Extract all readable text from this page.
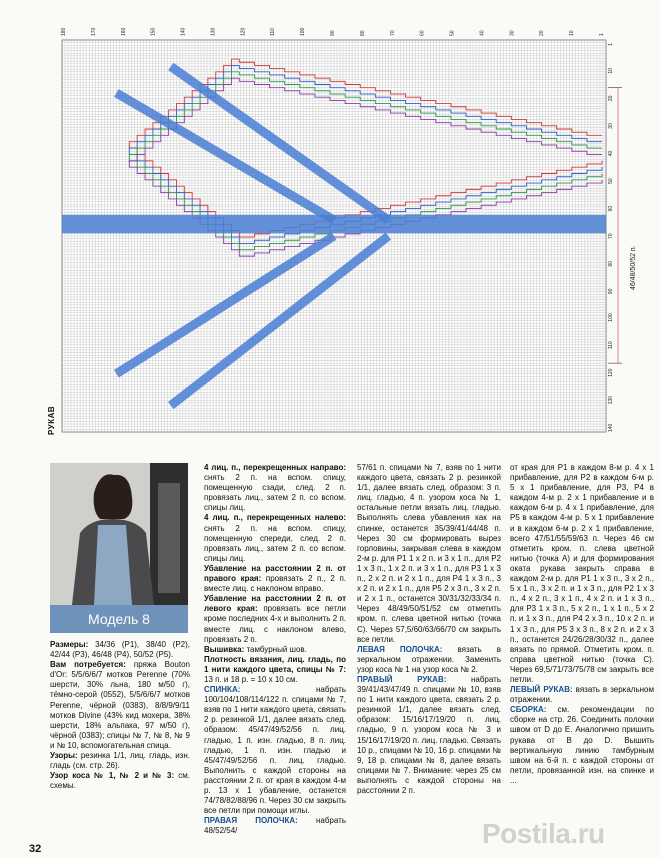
180	170	160	150	140	130	120	110	100	90	80	70	60	50	40	30	20	10	1
1
10
20
30
40
50
60
70
80
90
100
110
120
130
140
РУКАВ
46/48/50/52 п.
Модель 8

Размеры: 34/36 (P1), 38/40 (P2), 42/44 (P3), 46/48 (P4), 50/52 (P5).

Вам потребуется: пряжа Bouton d'Or: 5/5/6/6/7 мотков Perenne (70% шерсти, 30% льна, 180 м/50 г), тёмно-серой (0552), 5/5/6/6/7 мотков Perenne, чёрной (0383), 8/8/9/9/11 мотков Divine (43% кид мохера, 38% шерсти, 18% альпака, 97 м/50 г), чёрной (0383); спицы № 7, № 8, № 9 и № 10, вспомогательная спица.

Узоры: резинка 1/1, лиц. гладь, изн. гладь (см. стр. 26).

Узор коса № 1, № 2 и № 3: см. схемы.

4 лиц. п., перекрещенных направо: снять 2 п. на вспом. спицу, помещенную сзади, след. 2 п. провязать лиц., затем 2 п. со вспом. спицы лиц.

4 лиц. п., перекрещенных налево: снять 2 п. на вспом. спицу, помещенную спереди, след. 2 п. провязать лиц., затем 2 п. со вспом. спицы лиц.

Убавление на расстоянии 2 п. от правого края: провязать 2 п., 2 п. вместе лиц. с наклоном вправо.

Убавление на расстоянии 2 п. от левого края: провязать все петли кроме последних 4-х и выполнить 2 п. вместе лиц. с наклоном влево, провязать 2 п.

Вышивка: тамбурный шов.

Плотность вязания, лиц. гладь, по 1 нити каждого цвета, спицы № 7: 13 п. и 18 р. = 10 х 10 см.

СПИНКА:	набрать 100/104/108/114/122 п. спицами № 7, взяв по 1 нити каждого цвета, связать 2 р. резинкой 1/1, далее вязать след. образом: 45/47/49/52/56 п. лиц. гладью, 1 п. изн. гладью, 8 п. лиц. гладью, 1 п. изн. гладью и 45/47/49/52/56 п. лиц. гладью. Выполнить с каждой стороны на расстоянии 2 п. от края в каждом 4-м р. 13 х 1 убавление, останется 74/78/82/88/96 п. Через 30 см закрыть все петли при помощи иглы.

ПРАВАЯ ПОЛОЧКА: набрать 48/52/54/

57/61 п. спицами № 7, взяв по 1 нити каждого цвета, связать 2 р. резинкой 1/1, далее вязать след. образом: 3 п. лиц. гладью, 4 п. узором коса № 1, остальные петли вязать лиц. гладью. Выполнять слева убавления как на спинке, останется 35/39/41/44/48 п. Через 30 см формировать вырез горловины, закрывая слева в каждом 2-м р. для Р1 1 х 2 п. и 3 х 1 п., для Р2 1 х 3 п., 1 х 2 п. и 3 х 1 п., для Р3 1 х 3 п., 2 х 2 п. и 2 х 1 п., для Р4 1 х 3 п., 3 х 2 п. и 2 х 1 п., для Р5 2 х 3 п., 3 х 2 п. и 2 х 1 п., останется 30/31/32/33/34 п. Через 48/49/50/51/52 см отметить кром. п. слева цветной нитью (точка С). Через 57,5/60/63/66/70 см закрыть все петли.

ЛЕВАЯ ПОЛОЧКА: вязать в зеркальном отражении. Заменить узор коса № 1 на узор коса № 2.

ПРАВЫЙ РУКАВ:	набрать 39/41/43/47/49 п. спицами № 10, взяв по 1 нити каждого цвета, связать 2 р. резинкой 1/1, далее вязать след. образом: 15/16/17/19/20 п. лиц. гладью, 9 п. узором коса № 3 и 15/16/17/19/20 п. лиц. гладью. Связать 10 р., спицами № 10, 16 р. спицами № 9, 18 р. спицами № 8, далее вязать спицами № 7. Внимание: через 25 см выполнять с каждой стороны на расстоянии 2 п.

от края для Р1 в каждом 8-м р. 4 х 1 прибавление, для Р2 в каждом 6-м р. 5 х 1 прибавление, для Р3, Р4 в каждом 4-м р. 2 х 1 прибавление и в каждом 6-м р. 4 х 1 прибавление, для Р5 в каждом 4-м р. 5 х 1 прибавление и в каждом 6-м р. 2 х 1 прибавление, всего 47/51/55/59/63 п. Через 46 см отметить кром. п. слева цветной нитью (точка А) и для формирования оката рукава закрыть справа в каждом 2-м р. для Р1 1 х 3 п., 3 х 2 п., 5 х 1 п., 3 х 2 п. и 1 х 3 п., для Р2 1 х 3 п., 4 х 2 п., 3 х 1 п., 4 х 2 п. и 1 х 3 п., для Р3 1 х 3 п., 5 х 2 п., 1 х 1 п., 5 х 2 п. и 1 х 3 п., для Р4 2 х 3 п., 10 х 2 п. и 1 х 3 п., для Р5 3 х 3 п., 8 х 2 п. и 2 х 3 п., останется 24/26/28/30/32 п., далее вязать по прямой. Отметить кром. п. справа цветной нитью (точка С). Через 69,5/71/73/75/78 см закрыть все петли.

ЛЕВЫЙ РУКАВ: вязать в зеркальном отражении.

СБОРКА: см. рекомендации по сборке на стр. 26. Соединить полочки швом от D до E. Аналогично пришить рукава от B до D. Вышить вертикальную линию тамбурным швом на 6-й п. с каждой стороны от петли, провязанной изн. на спинке и ...

32	Postila.ru
